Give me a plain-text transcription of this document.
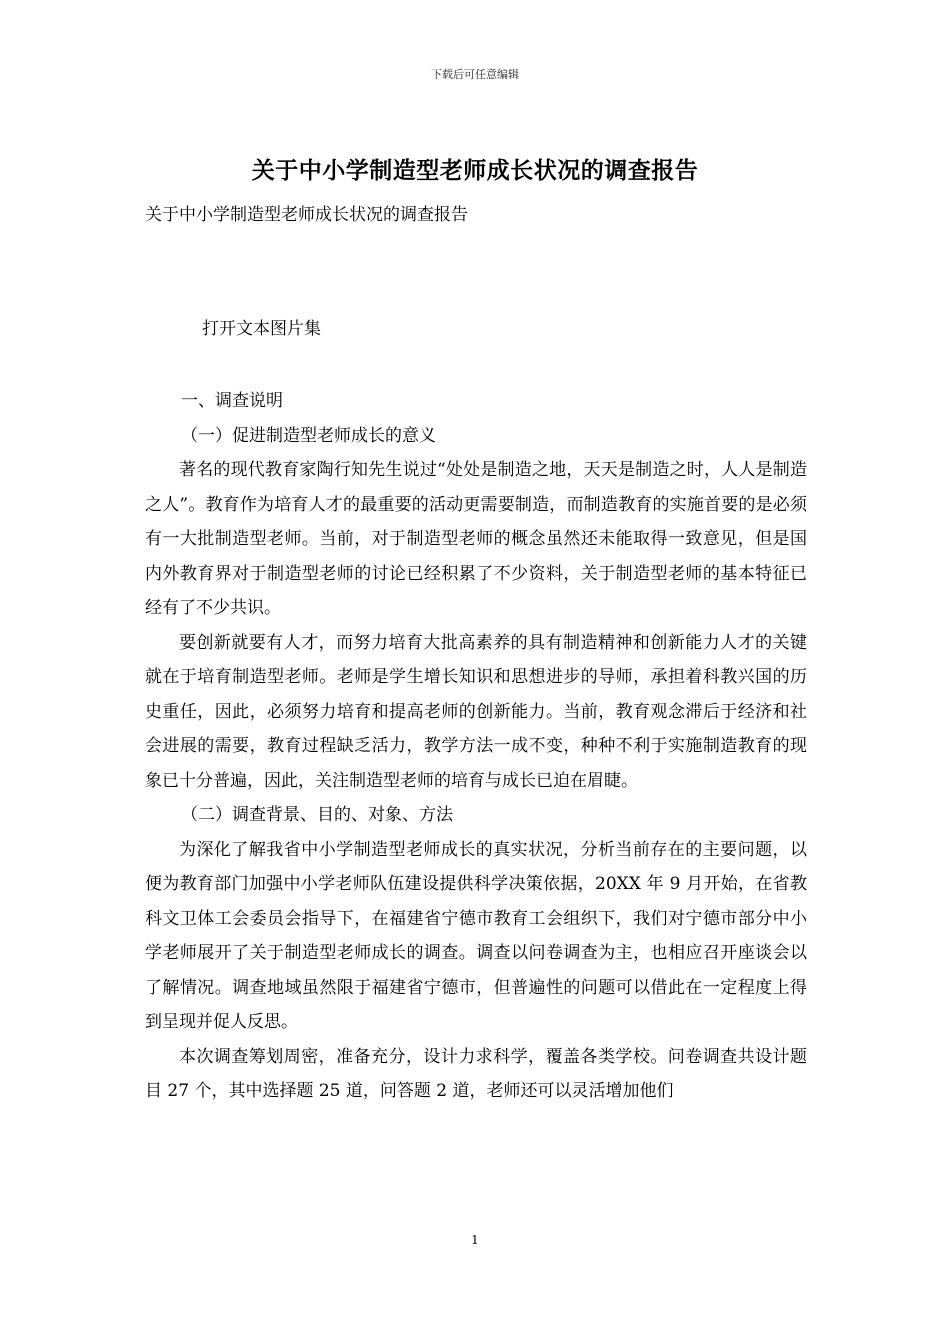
下载后可任意编辑
关于中小学制造型老师成长状况的调查报告
关于中小学制造型老师成长状况的调查报告
打开文本图片集

一、调查说明

（一）促进制造型老师成长的意义

著名的现代教育家陶行知先生说过“处处是制造之地，天天是制造之时，人人是制造之人”。教育作为培育人才的最重要的活动更需要制造，而制造教育的实施首要的是必须有一大批制造型老师。当前，对于制造型老师的概念虽然还未能取得一致意见，但是国内外教育界对于制造型老师的讨论已经积累了不少资料，关于制造型老师的基本特征已经有了不少共识。

要创新就要有人才，而努力培育大批高素养的具有制造精神和创新能力人才的关键就在于培育制造型老师。老师是学生增长知识和思想进步的导师，承担着科教兴国的历史重任，因此，必须努力培育和提高老师的创新能力。当前，教育观念滞后于经济和社会进展的需要，教育过程缺乏活力，教学方法一成不变，种种不利于实施制造教育的现象已十分普遍，因此，关注制造型老师的培育与成长已迫在眉睫。

（二）调查背景、目的、对象、方法

为深化了解我省中小学制造型老师成长的真实状况，分析当前存在的主要问题，以便为教育部门加强中小学老师队伍建设提供科学决策依据，20XX 年 9 月开始，在省教科文卫体工会委员会指导下，在福建省宁德市教育工会组织下，我们对宁德市部分中小学老师展开了关于制造型老师成长的调查。调查以问卷调查为主，也相应召开座谈会以了解情况。调查地域虽然限于福建省宁德市，但普遍性的问题可以借此在一定程度上得到呈现并促人反思。

本次调查筹划周密，准备充分，设计力求科学，覆盖各类学校。问卷调查共设计题目 27 个，其中选择题 25 道，问答题 2 道，老师还可以灵活增加他们

1
